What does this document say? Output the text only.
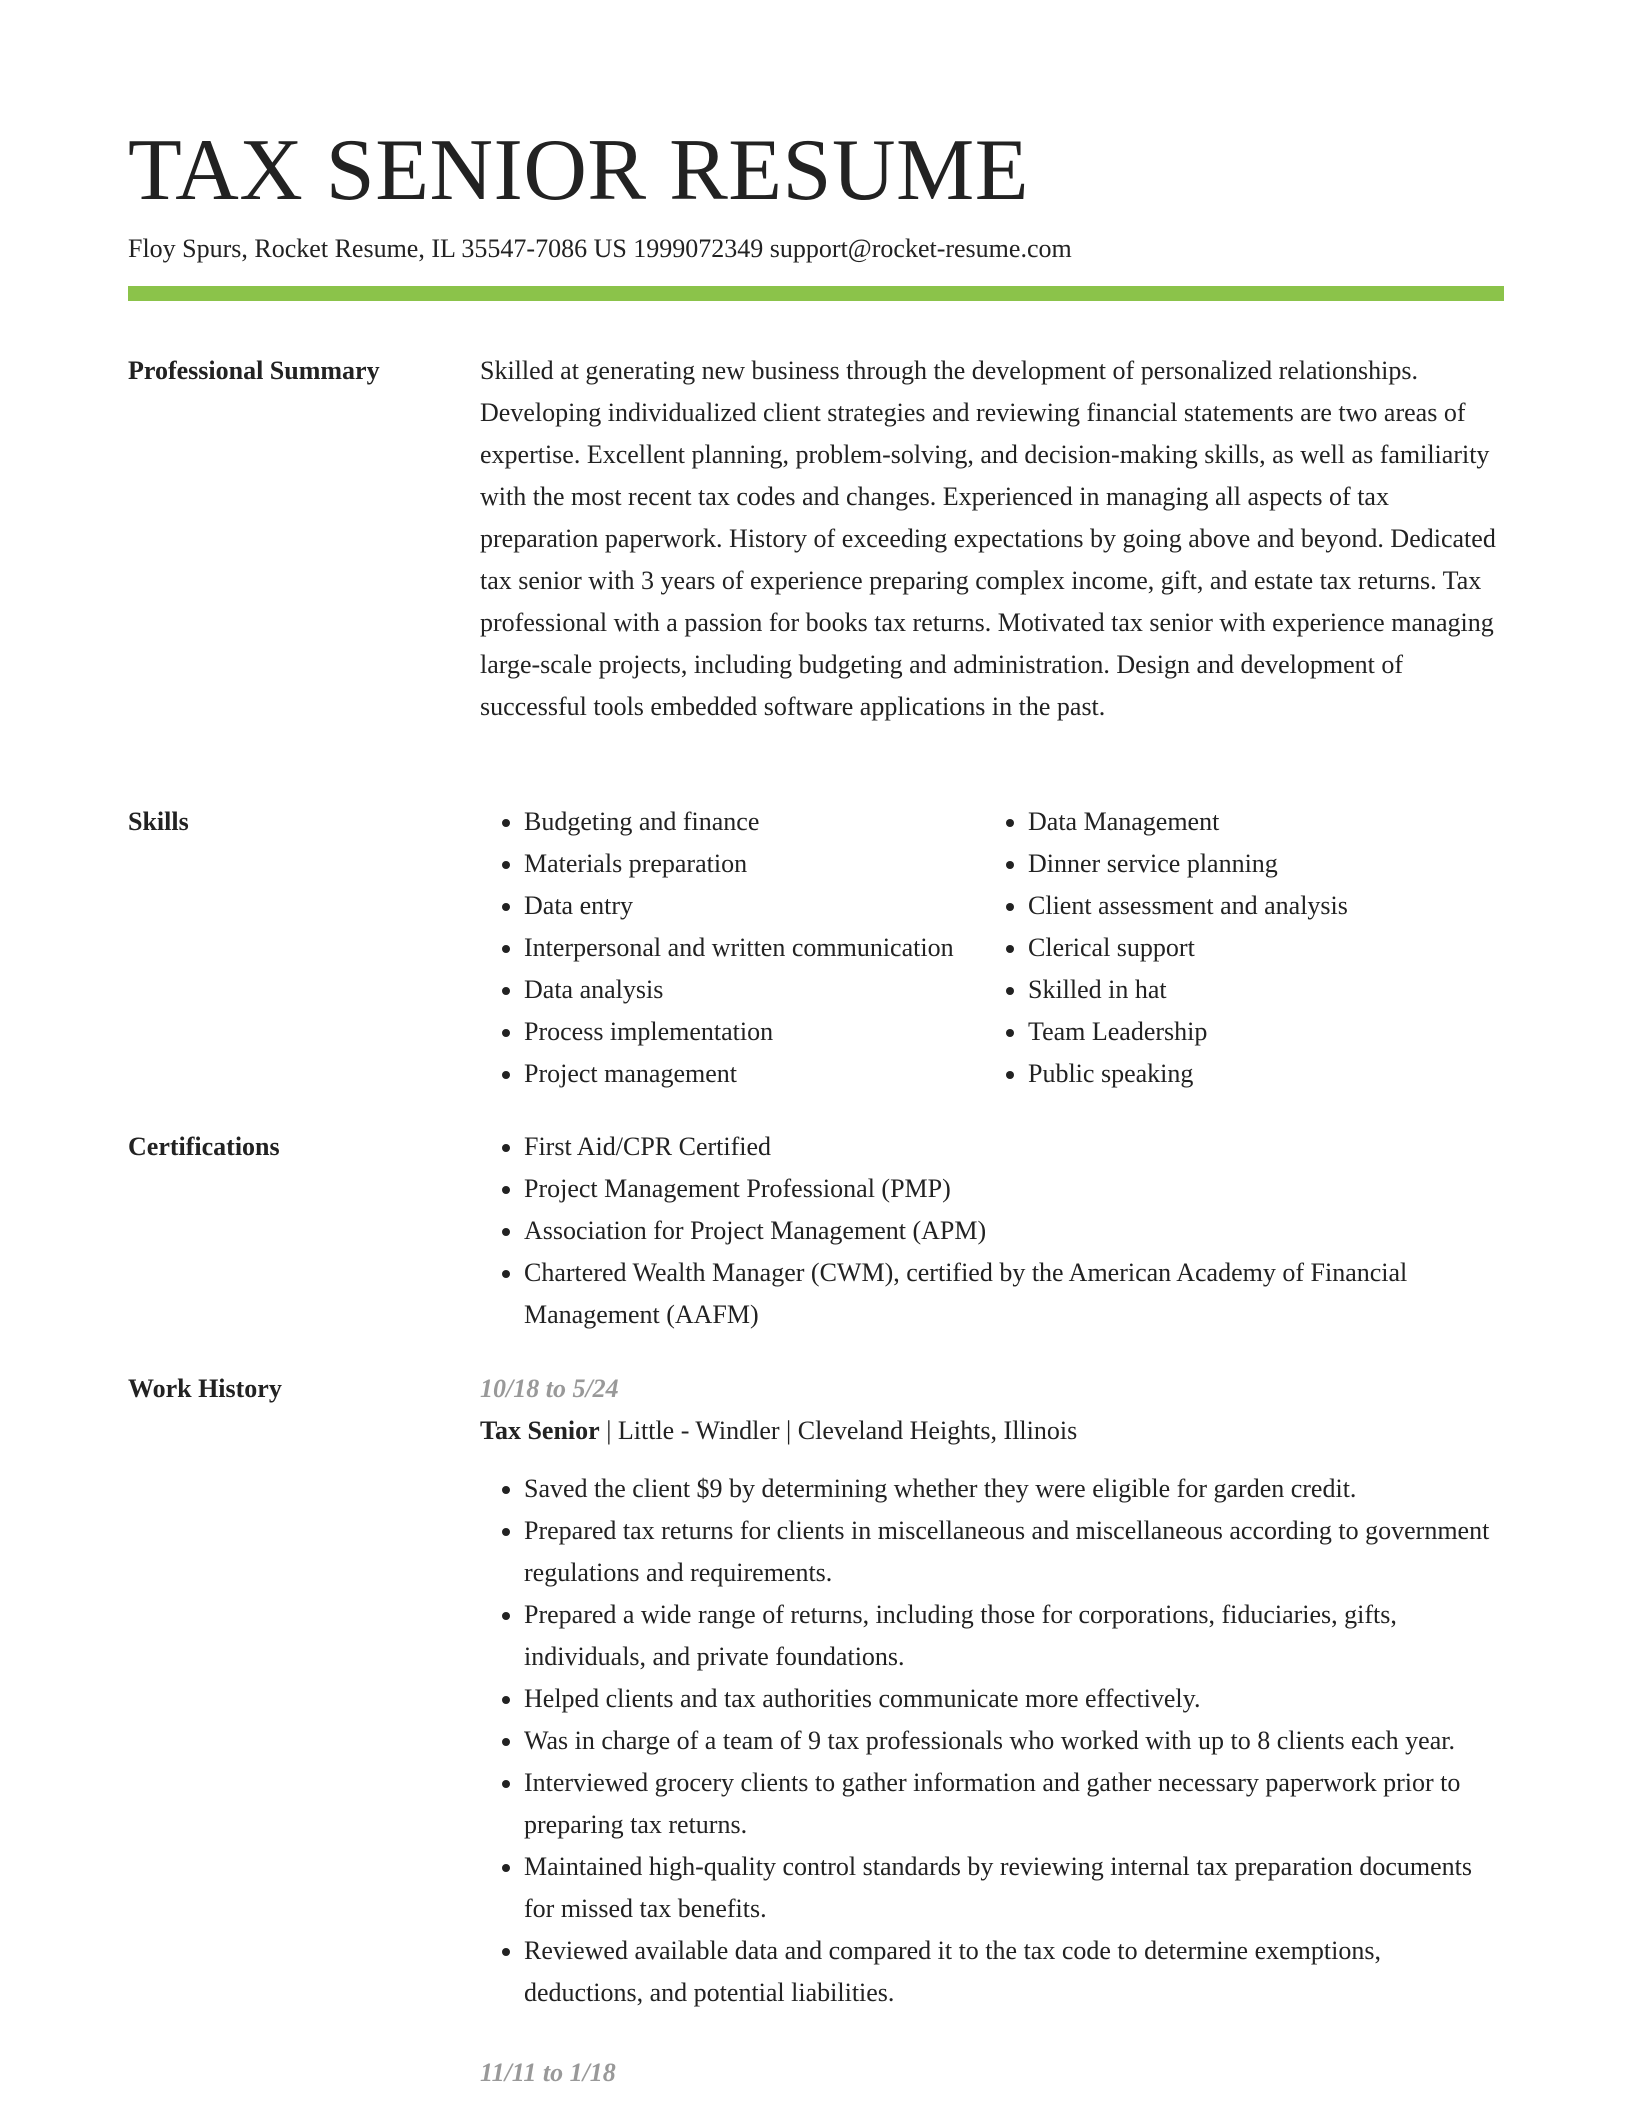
TAX SENIOR RESUME
Floy Spurs, Rocket Resume, IL 35547-7086 US 1999072349 support@rocket-resume.com
Professional Summary	Skilled at generating new business through the development of personalized relationships. Developing individualized client strategies and reviewing financial statements are two areas of expertise. Excellent planning, problem-solving, and decision-making skills, as well as familiarity with the most recent tax codes and changes. Experienced in managing all aspects of tax preparation paperwork. History of exceeding expectations by going above and beyond. Dedicated tax senior with 3 years of experience preparing complex income, gift, and estate tax returns. Tax professional with a passion for books tax returns. Motivated tax senior with experience managing large-scale projects, including budgeting and administration. Design and development of successful tools embedded software applications in the past.

Skills	• Budgeting and finance
• Materials preparation
• Data entry
• Interpersonal and written communication
• Data analysis
• Process implementation
• Project management
• Data Management
• Dinner service planning
• Client assessment and analysis
• Clerical support
• Skilled in hat
• Team Leadership
• Public speaking
Certifications	• First Aid/CPR Certified
• Project Management Professional (PMP)
• Association for Project Management (APM)
• Chartered Wealth Manager (CWM), certified by the American Academy of Financial Management (AAFM)
Work History	10/18 to 5/24
Tax Senior | Little - Windler | Cleveland Heights, Illinois
• Saved the client $9 by determining whether they were eligible for garden credit.
• Prepared tax returns for clients in miscellaneous and miscellaneous according to government regulations and requirements.
• Prepared a wide range of returns, including those for corporations, fiduciaries, gifts, individuals, and private foundations.
• Helped clients and tax authorities communicate more effectively.
• Was in charge of a team of 9 tax professionals who worked with up to 8 clients each year.
• Interviewed grocery clients to gather information and gather necessary paperwork prior to preparing tax returns.
• Maintained high-quality control standards by reviewing internal tax preparation documents for missed tax benefits.
• Reviewed available data and compared it to the tax code to determine exemptions, deductions, and potential liabilities.
11/11 to 1/18
